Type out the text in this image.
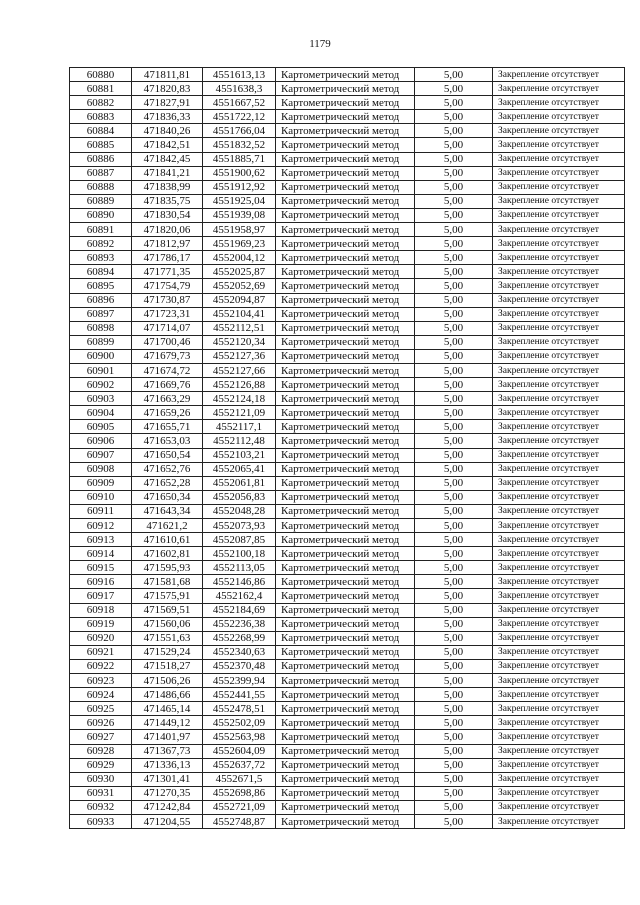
1179
60880	471811,81	4551613,13	Картометрический метод	5,00	Закрепление отсутствует
60881	471820,83	4551638,3	Картометрический метод	5,00	Закрепление отсутствует
60882	471827,91	4551667,52	Картометрический метод	5,00	Закрепление отсутствует
60883	471836,33	4551722,12	Картометрический метод	5,00	Закрепление отсутствует
60884	471840,26	4551766,04	Картометрический метод	5,00	Закрепление отсутствует
60885	471842,51	4551832,52	Картометрический метод	5,00	Закрепление отсутствует
60886	471842,45	4551885,71	Картометрический метод	5,00	Закрепление отсутствует
60887	471841,21	4551900,62	Картометрический метод	5,00	Закрепление отсутствует
60888	471838,99	4551912,92	Картометрический метод	5,00	Закрепление отсутствует
60889	471835,75	4551925,04	Картометрический метод	5,00	Закрепление отсутствует
60890	471830,54	4551939,08	Картометрический метод	5,00	Закрепление отсутствует
60891	471820,06	4551958,97	Картометрический метод	5,00	Закрепление отсутствует
60892	471812,97	4551969,23	Картометрический метод	5,00	Закрепление отсутствует
60893	471786,17	4552004,12	Картометрический метод	5,00	Закрепление отсутствует
60894	471771,35	4552025,87	Картометрический метод	5,00	Закрепление отсутствует
60895	471754,79	4552052,69	Картометрический метод	5,00	Закрепление отсутствует
60896	471730,87	4552094,87	Картометрический метод	5,00	Закрепление отсутствует
60897	471723,31	4552104,41	Картометрический метод	5,00	Закрепление отсутствует
60898	471714,07	4552112,51	Картометрический метод	5,00	Закрепление отсутствует
60899	471700,46	4552120,34	Картометрический метод	5,00	Закрепление отсутствует
60900	471679,73	4552127,36	Картометрический метод	5,00	Закрепление отсутствует
60901	471674,72	4552127,66	Картометрический метод	5,00	Закрепление отсутствует
60902	471669,76	4552126,88	Картометрический метод	5,00	Закрепление отсутствует
60903	471663,29	4552124,18	Картометрический метод	5,00	Закрепление отсутствует
60904	471659,26	4552121,09	Картометрический метод	5,00	Закрепление отсутствует
60905	471655,71	4552117,1	Картометрический метод	5,00	Закрепление отсутствует
60906	471653,03	4552112,48	Картометрический метод	5,00	Закрепление отсутствует
60907	471650,54	4552103,21	Картометрический метод	5,00	Закрепление отсутствует
60908	471652,76	4552065,41	Картометрический метод	5,00	Закрепление отсутствует
60909	471652,28	4552061,81	Картометрический метод	5,00	Закрепление отсутствует
60910	471650,34	4552056,83	Картометрический метод	5,00	Закрепление отсутствует
60911	471643,34	4552048,28	Картометрический метод	5,00	Закрепление отсутствует
60912	471621,2	4552073,93	Картометрический метод	5,00	Закрепление отсутствует
60913	471610,61	4552087,85	Картометрический метод	5,00	Закрепление отсутствует
60914	471602,81	4552100,18	Картометрический метод	5,00	Закрепление отсутствует
60915	471595,93	4552113,05	Картометрический метод	5,00	Закрепление отсутствует
60916	471581,68	4552146,86	Картометрический метод	5,00	Закрепление отсутствует
60917	471575,91	4552162,4	Картометрический метод	5,00	Закрепление отсутствует
60918	471569,51	4552184,69	Картометрический метод	5,00	Закрепление отсутствует
60919	471560,06	4552236,38	Картометрический метод	5,00	Закрепление отсутствует
60920	471551,63	4552268,99	Картометрический метод	5,00	Закрепление отсутствует
60921	471529,24	4552340,63	Картометрический метод	5,00	Закрепление отсутствует
60922	471518,27	4552370,48	Картометрический метод	5,00	Закрепление отсутствует
60923	471506,26	4552399,94	Картометрический метод	5,00	Закрепление отсутствует
60924	471486,66	4552441,55	Картометрический метод	5,00	Закрепление отсутствует
60925	471465,14	4552478,51	Картометрический метод	5,00	Закрепление отсутствует
60926	471449,12	4552502,09	Картометрический метод	5,00	Закрепление отсутствует
60927	471401,97	4552563,98	Картометрический метод	5,00	Закрепление отсутствует
60928	471367,73	4552604,09	Картометрический метод	5,00	Закрепление отсутствует
60929	471336,13	4552637,72	Картометрический метод	5,00	Закрепление отсутствует
60930	471301,41	4552671,5	Картометрический метод	5,00	Закрепление отсутствует
60931	471270,35	4552698,86	Картометрический метод	5,00	Закрепление отсутствует
60932	471242,84	4552721,09	Картометрический метод	5,00	Закрепление отсутствует
60933	471204,55	4552748,87	Картометрический метод	5,00	Закрепление отсутствует
